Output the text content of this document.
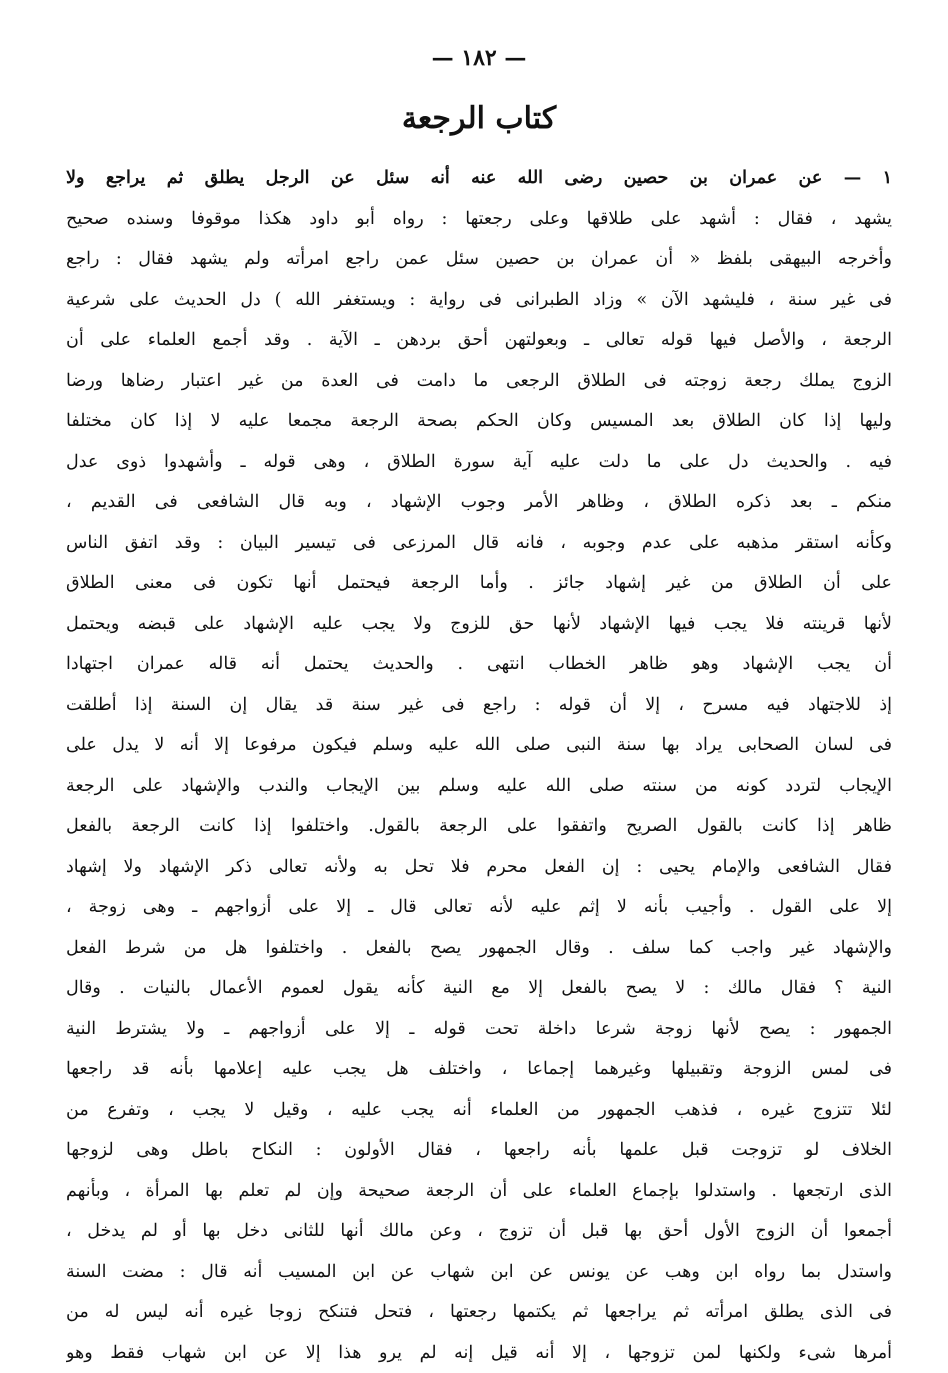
— ١٨٢ —
كتاب الرجعة
١ — عن عمران بن حصين رضى الله عنه أنه سئل عن الرجل يطلق ثم يراجع ولا
يشهد ، فقال : أشهد على طلاقها وعلى رجعتها : رواه أبو داود هكذا موقوفا وسنده صحيح
وأخرجه البيهقى بلفظ « أن عمران بن حصين سئل عمن راجع امرأته ولم يشهد فقال : راجع
فى غير سنة ، فليشهد الآن » وزاد الطبرانى فى رواية : ويستغفر الله ) دل الحديث على شرعية
الرجعة ، والأصل فيها قوله تعالى ـ وبعولتهن أحق بردهن ـ الآية . وقد أجمع العلماء على أن
الزوج يملك رجعة زوجته فى الطلاق الرجعى ما دامت فى العدة من غير اعتبار رضاها ورضا
وليها إذا كان الطلاق بعد المسيس وكان الحكم بصحة الرجعة مجمعا عليه لا إذا كان مختلفا
فيه . والحديث دل على ما دلت عليه آية سورة الطلاق ، وهى قوله ـ وأشهدوا ذوى عدل
منكم ـ بعد ذكره الطلاق ، وظاهر الأمر وجوب الإشهاد ، وبه قال الشافعى فى القديم ،
وكأنه استقر مذهبه على عدم وجوبه ، فانه قال المرزعى فى تيسير البيان : وقد اتفق الناس
على أن الطلاق من غير إشهاد جائز . وأما الرجعة فيحتمل أنها تكون فى معنى الطلاق
لأنها قرينته فلا يجب فيها الإشهاد لأنها حق للزوج ولا يجب عليه الإشهاد على قبضه ويحتمل
أن يجب الإشهاد وهو ظاهر الخطاب انتهى . والحديث يحتمل أنه قاله عمران اجتهادا
إذ للاجتهاد فيه مسرح ، إلا أن قوله : راجع فى غير سنة قد يقال إن السنة إذا أطلقت
فى لسان الصحابى يراد بها سنة النبى صلى الله عليه وسلم فيكون مرفوعا إلا أنه لا يدل على
الإيجاب لتردد كونه من سنته صلى الله عليه وسلم بين الإيجاب والندب والإشهاد على الرجعة
ظاهر إذا كانت بالقول الصريح واتفقوا على الرجعة بالقول. واختلفوا إذا كانت الرجعة بالفعل
فقال الشافعى والإمام يحيى : إن الفعل محرم فلا تحل به ولأنه تعالى ذكر الإشهاد ولا إشهاد
إلا على القول . وأجيب بأنه لا إثم عليه لأنه تعالى قال ـ إلا على أزواجهم ـ وهى زوجة ،
والإشهاد غير واجب كما سلف . وقال الجمهور يصح بالفعل . واختلفوا هل من شرط الفعل
النية ؟ فقال مالك : لا يصح بالفعل إلا مع النية كأنه يقول لعموم الأعمال بالنيات . وقال
الجمهور : يصح لأنها زوجة شرعا داخلة تحت قوله ـ إلا على أزواجهم ـ ولا يشترط النية
فى لمس الزوجة وتقبيلها وغيرهما إجماعا ، واختلف هل يجب عليه إعلامها بأنه قد راجعها
لئلا تتزوج غيره ، فذهب الجمهور من العلماء أنه يجب عليه ، وقيل لا يجب ، وتفرع من
الخلاف لو تزوجت قبل علمها بأنه راجعها ، فقال الأولون : النكاح باطل وهى لزوجها
الذى ارتجعها . واستدلوا بإجماع العلماء على أن الرجعة صحيحة وإن لم تعلم بها المرأة ، وبأنهم
أجمعوا أن الزوج الأول أحق بها قبل أن تزوج ، وعن مالك أنها للثانى دخل بها أو لم يدخل ،
واستدل بما رواه ابن وهب عن يونس عن ابن شهاب عن ابن المسيب أنه قال : مضت السنة
فى الذى يطلق امرأته ثم يراجعها ثم يكتمها رجعتها ، فتحل فتنكح زوجا غيره أنه ليس له من
أمرها شىء ولكنها لمن تزوجها ، إلا أنه قيل إنه لم يرو هذا إلا عن ابن شهاب فقط وهو
